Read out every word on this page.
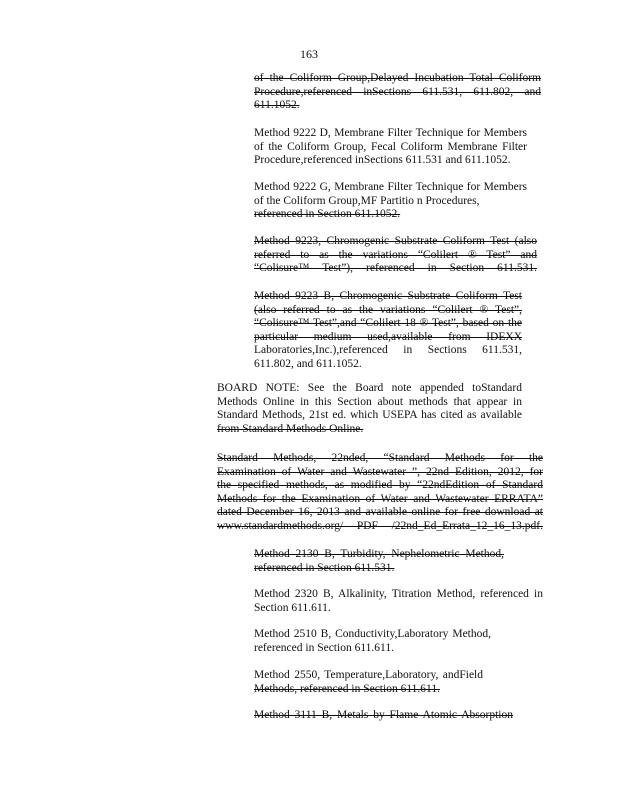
163
of the Coliform Group,Delayed Incubation Total Coliform
Procedure,referenced inSections 611.531, 611.802, and
611.1052.
Method 9222 D, Membrane Filter Technique for Members
of the Coliform Group, Fecal Coliform Membrane Filter
Procedure,referenced inSections 611.531 and 611.1052.
Method 9222 G, Membrane Filter Technique for Members
of the Coliform Group,MF Partitio n Procedures,
referenced in Section 611.1052.
Method 9223, Chromogenic Substrate Coliform Test (also
referred to as the variations “Colilert ® Test” and
“Colisure™ Test”), referenced in Section 611.531.
Method 9223 B, Chromogenic Substrate Coliform Test
(also referred to as the variations “Colilert ® Test”,
“Colisure™ Test”,and “Colilert 18 ® Test”, based on the
particular medium used,available from IDEXX
Laboratories,Inc.),referenced in Sections 611.531,
611.802, and 611.1052.
BOARD NOTE: See the Board note appended toStandard
Methods Online in this Section about methods that appear in
Standard Methods, 21st ed. which USEPA has cited as available
from Standard Methods Online.
Standard Methods, 22nded, “Standard Methods for the
Examination of Water and Wastewater ”, 22nd Edition, 2012, for
the specified methods, as modified by “22ndEdition of Standard
Methods for the Examination of Water and Wastewater ERRATA”
dated December 16, 2013 and available online for free download at
www.standardmethods.org/ PDF /22nd_Ed_Errata_12_16_13.pdf.
Method 2130 B, Turbidity, Nephelometric Method,
referenced in Section 611.531.
Method 2320 B, Alkalinity, Titration Method, referenced in
Section 611.611.
Method 2510 B, Conductivity,Laboratory Method,
referenced in Section 611.611.
Method 2550, Temperature,Laboratory, andField
Methods, referenced in Section 611.611.
Method 3111 B, Metals by Flame Atomic Absorption
